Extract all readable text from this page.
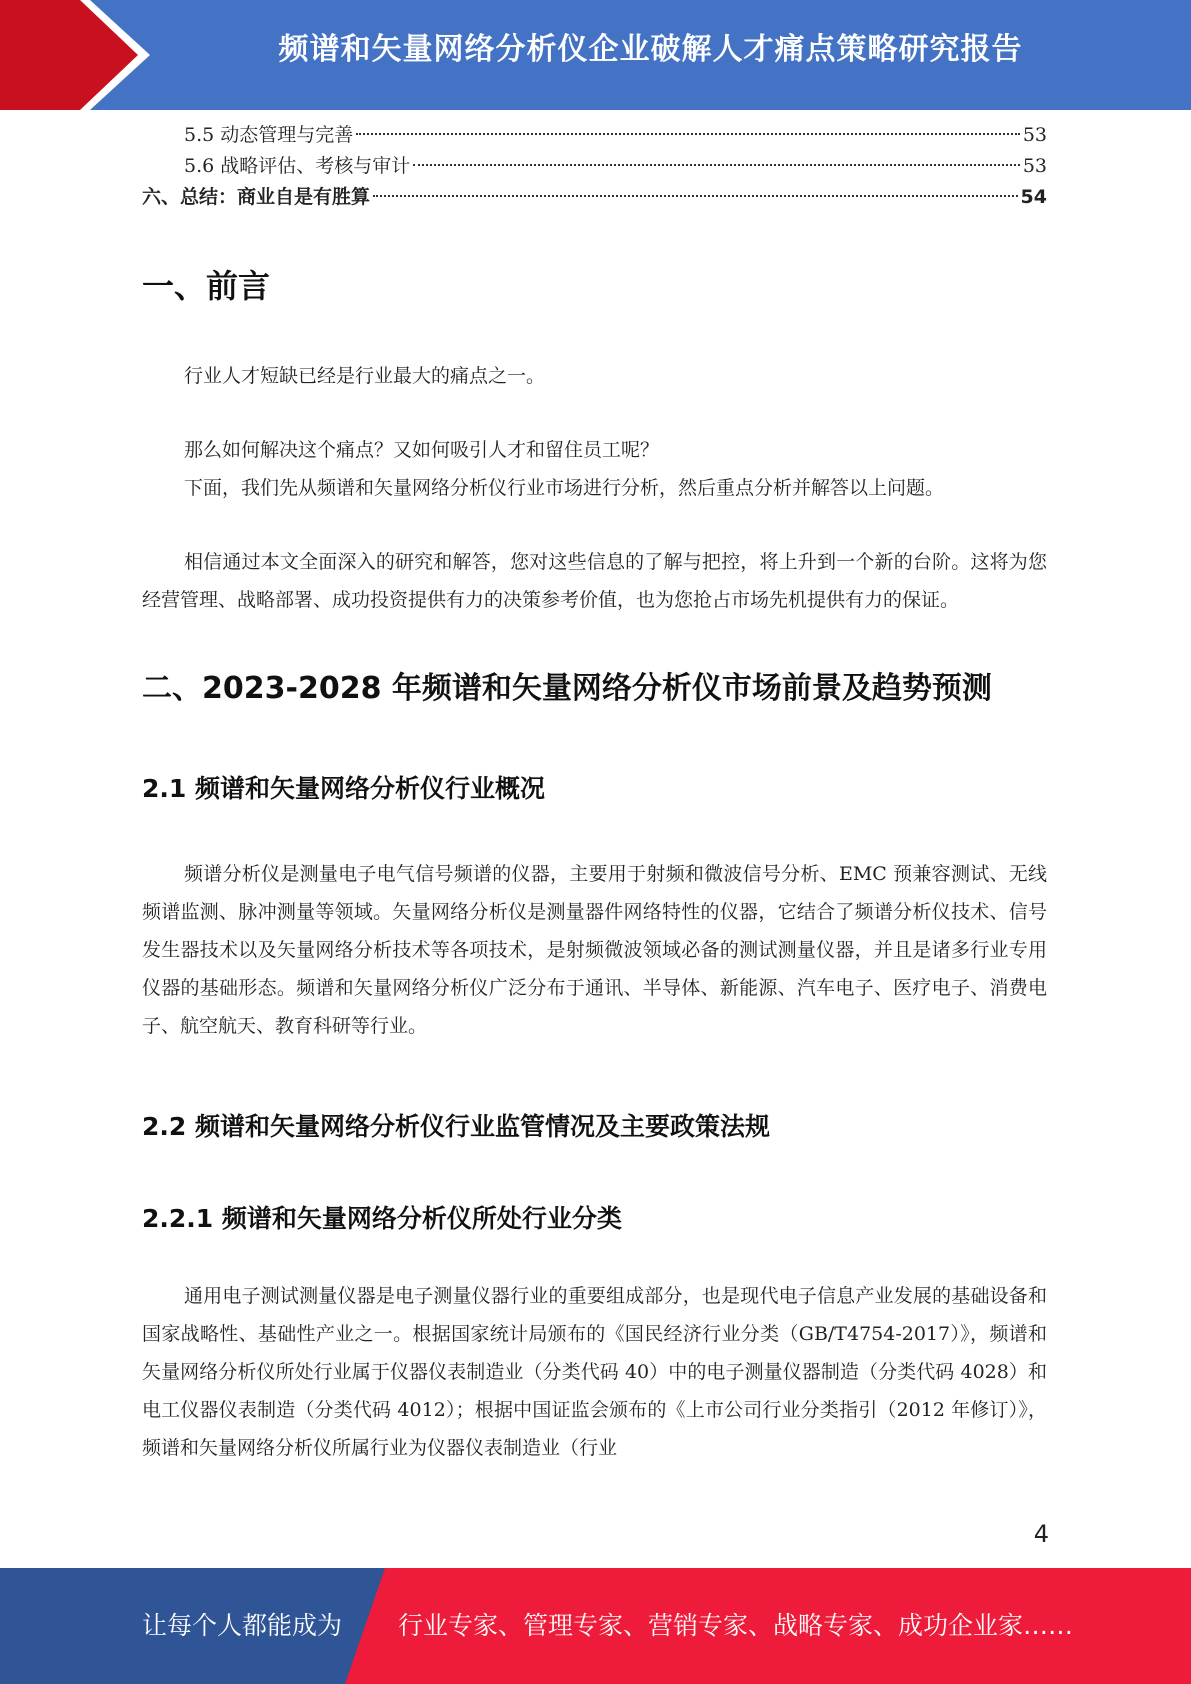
频谱和矢量网络分析仪企业破解人才痛点策略研究报告
5.5 动态管理与完善	53
5.6 战略评估、考核与审计	53
六、总结：商业自是有胜算	54
一、前言

行业人才短缺已经是行业最大的痛点之一。

那么如何解决这个痛点？又如何吸引人才和留住员工呢？

下面，我们先从频谱和矢量网络分析仪行业市场进行分析，然后重点分析并解答以上问题。

相信通过本文全面深入的研究和解答，您对这些信息的了解与把控，将上升到一个新的台阶。这将为您经营管理、战略部署、成功投资提供有力的决策参考价值，也为您抢占市场先机提供有力的保证。

二、2023-2028 年频谱和矢量网络分析仪市场前景及趋势预测
2.1 频谱和矢量网络分析仪行业概况

频谱分析仪是测量电子电气信号频谱的仪器，主要用于射频和微波信号分析、EMC 预兼容测试、无线频谱监测、脉冲测量等领域。矢量网络分析仪是测量器件网络特性的仪器，它结合了频谱分析仪技术、信号发生器技术以及矢量网络分析技术等各项技术，是射频微波领域必备的测试测量仪器，并且是诸多行业专用仪器的基础形态。频谱和矢量网络分析仪广泛分布于通讯、半导体、新能源、汽车电子、医疗电子、消费电子、航空航天、教育科研等行业。

2.2 频谱和矢量网络分析仪行业监管情况及主要政策法规
2.2.1 频谱和矢量网络分析仪所处行业分类

通用电子测试测量仪器是电子测量仪器行业的重要组成部分，也是现代电子信息产业发展的基础设备和国家战略性、基础性产业之一。根据国家统计局颁布的《国民经济行业分类（GB/T4754-2017）》，频谱和矢量网络分析仪所处行业属于仪器仪表制造业（分类代码 40）中的电子测量仪器制造（分类代码 4028）和电工仪器仪表制造（分类代码 4012）；根据中国证监会颁布的《上市公司行业分类指引（2012 年修订）》，频谱和矢量网络分析仪所属行业为仪器仪表制造业（行业

4
让每个人都能成为 行业专家、管理专家、营销专家、战略专家、成功企业家……
